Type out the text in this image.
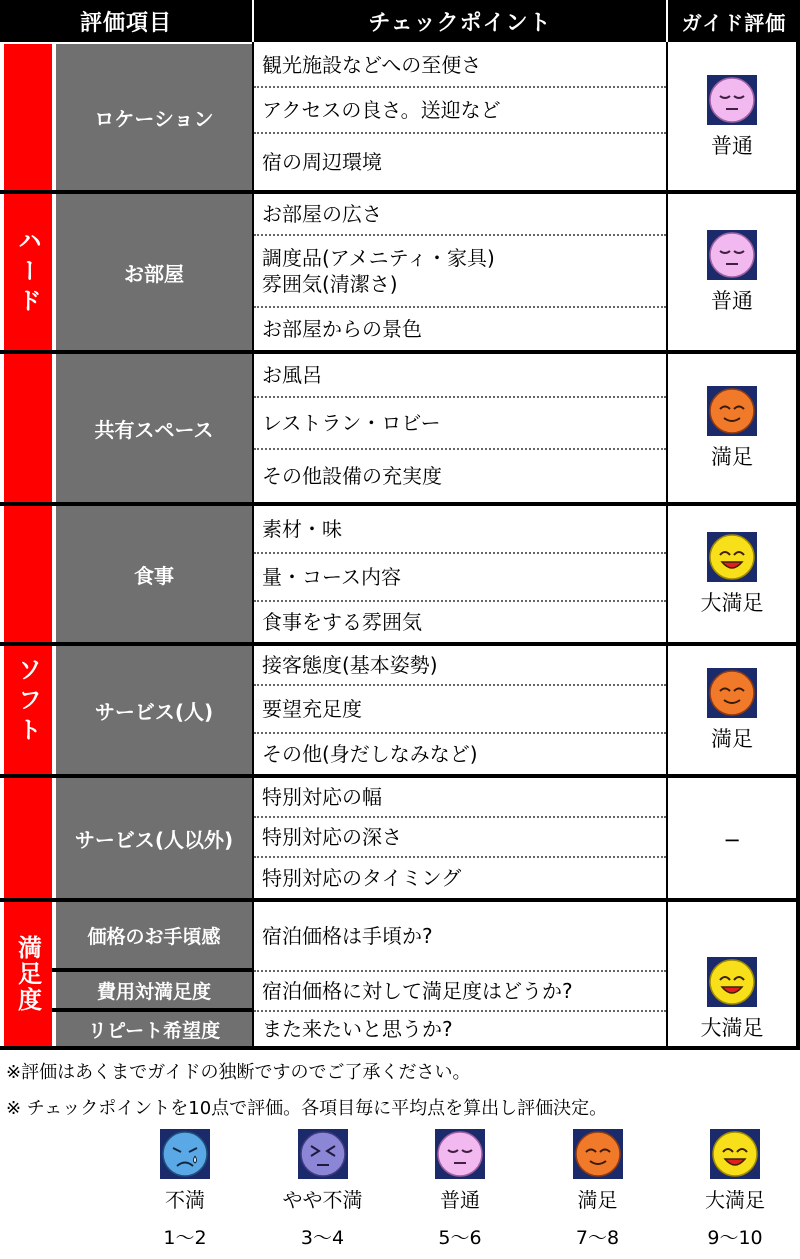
評価項目	チェックポイント	ガイド評価
ハード
ソフト
満足度
ロケーション
お部屋
共有スペース
食事
サービス(人)
サービス(人以外)
価格のお手頃感
費用対満足度
リピート希望度
観光施設などへの至便さ
アクセスの良さ。送迎など
宿の周辺環境
お部屋の広さ
調度品(アメニティ・家具)
雰囲気(清潔さ)
お部屋からの景色
お風呂
レストラン・ロビー
その他設備の充実度
素材・味
量・コース内容
食事をする雰囲気
接客態度(基本姿勢)
要望充足度
その他(身だしなみなど)
特別対応の幅
特別対応の深さ
特別対応のタイミング
宿泊価格は手頃か?
宿泊価格に対して満足度はどうか?
また来たいと思うか?
普通
普通
満足
大満足
満足
−
大満足
※評価はあくまでガイドの独断ですのでご了承ください。
※ チェックポイントを10点で評価。各項目毎に平均点を算出し評価決定。
不満
1〜2
やや不満
3〜4
普通
5〜6
満足
7〜8
大満足
9〜10
